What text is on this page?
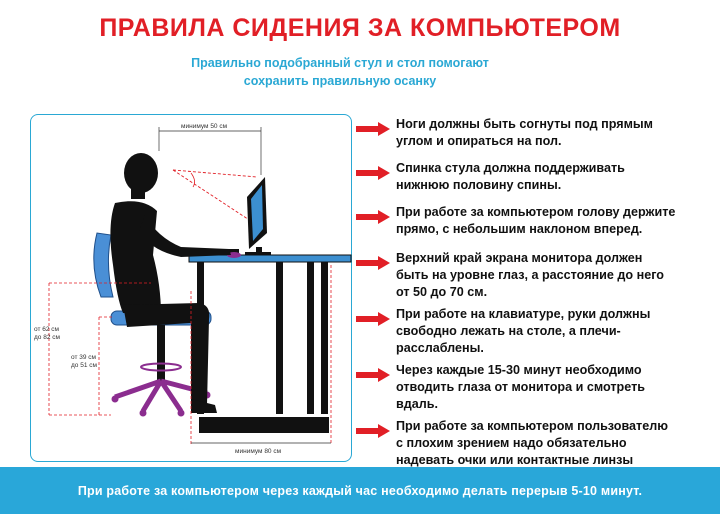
ПРАВИЛА СИДЕНИЯ ЗА КОМПЬЮТЕРОМ
Правильно подобранный стул и стол помогают
сохранить правильную осанку
минимум 50 см
от 62 см
до 82 см
от 39 см
до 51 см
минимум 80 см
Ноги должны быть согнуты под прямым
углом и опираться на пол.
Спинка стула должна поддерживать
нижнюю половину спины.
При работе за компьютером голову держите
прямо, с небольшим наклоном вперед.
Верхний край экрана монитора должен
быть на уровне глаз, а расстояние до него
от 50 до 70 см.
При работе на клавиатуре, руки должны
свободно лежать на столе, а плечи-
расслаблены.
Через каждые 15-30 минут необходимо
отводить глаза от монитора и смотреть
вдаль.
При работе за компьютером пользователю
с плохим зрением надо обязательно
надевать очки или контактные линзы
При работе за компьютером через каждый час необходимо делать перерыв 5-10 минут.
